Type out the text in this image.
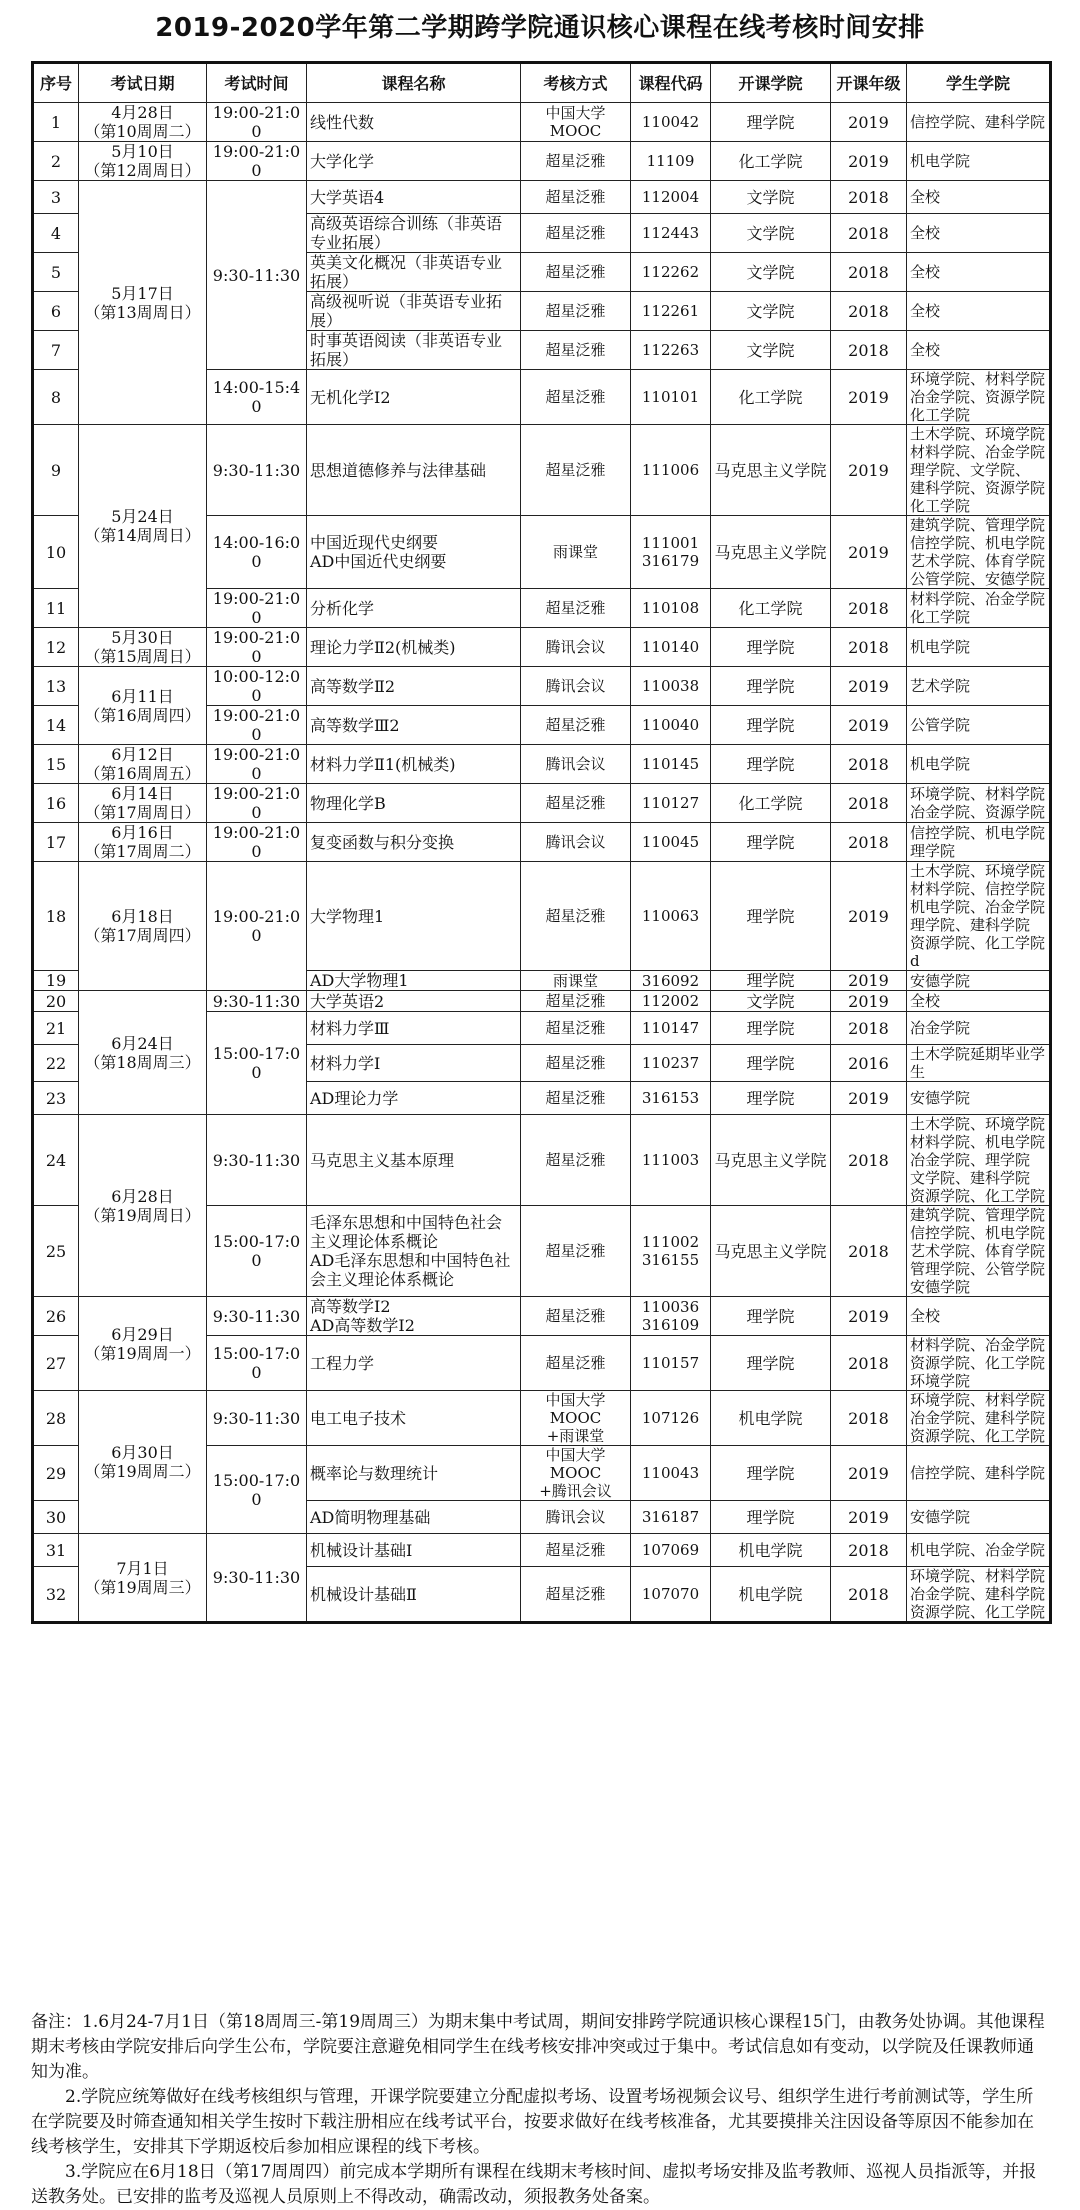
2019-2020学年第二学期跨学院通识核心课程在线考核时间安排
序号	考试日期	考试时间	课程名称	考核方式	课程代码	开课学院	开课年级	学生学院
1	4月28日
（第10周周二）	19:00-21:00	线性代数	中国大学
MOOC	110042	理学院	2019	信控学院、建科学院
2	5月10日
（第12周周日）	19:00-21:00	大学化学	超星泛雅	11109	化工学院	2019	机电学院
3	5月17日
（第13周周日）	9:30-11:30	大学英语4	超星泛雅	112004	文学院	2018	全校
4			高级英语综合训练（非英语专业拓展）	超星泛雅	112443	文学院	2018	全校
5			英美文化概况（非英语专业拓展）	超星泛雅	112262	文学院	2018	全校
6			高级视听说（非英语专业拓展）	超星泛雅	112261	文学院	2018	全校
7			时事英语阅读（非英语专业拓展）	超星泛雅	112263	文学院	2018	全校
8		14:00-15:40	无机化学Ⅰ2	超星泛雅	110101	化工学院	2019	环境学院、材料学院
冶金学院、资源学院
化工学院
9	5月24日
（第14周周日）	9:30-11:30	思想道德修养与法律基础	超星泛雅	111006	马克思主义学院	2019	土木学院、环境学院
材料学院、冶金学院
理学院、文学院、
建科学院、资源学院
化工学院
10		14:00-16:00	中国近现代史纲要
AD中国近代史纲要	雨课堂	111001
316179	马克思主义学院	2019	建筑学院、管理学院
信控学院、机电学院
艺术学院、体育学院
公管学院、安德学院
11		19:00-21:00	分析化学	超星泛雅	110108	化工学院	2018	材料学院、冶金学院
化工学院
12	5月30日
（第15周周日）	19:00-21:00	理论力学Ⅱ2(机械类)	腾讯会议	110140	理学院	2018	机电学院
13	6月11日
（第16周周四）	10:00-12:00	高等数学Ⅱ2	腾讯会议	110038	理学院	2019	艺术学院
14		19:00-21:00	高等数学Ⅲ2	超星泛雅	110040	理学院	2019	公管学院
15	6月12日
（第16周周五）	19:00-21:00	材料力学Ⅱ1(机械类)	腾讯会议	110145	理学院	2018	机电学院
16	6月14日
（第17周周日）	19:00-21:00	物理化学B	超星泛雅	110127	化工学院	2018	环境学院、材料学院
冶金学院、资源学院
17	6月16日
（第17周周二）	19:00-21:00	复变函数与积分变换	腾讯会议	110045	理学院	2018	信控学院、机电学院
理学院
18	6月18日
（第17周周四）	19:00-21:00	大学物理1	超星泛雅	110063	理学院	2019	土木学院、环境学院
材料学院、信控学院
机电学院、冶金学院
理学院、建科学院
资源学院、化工学院d
19			AD大学物理1	雨课堂	316092	理学院	2019	安德学院
20	6月24日
（第18周周三）	9:30-11:30	大学英语2	超星泛雅	112002	文学院	2019	全校
21		15:00-17:00	材料力学Ⅲ	超星泛雅	110147	理学院	2018	冶金学院
22			材料力学Ⅰ	超星泛雅	110237	理学院	2016	土木学院延期毕业学生
23			AD理论力学	超星泛雅	316153	理学院	2019	安德学院
24	6月28日
（第19周周日）	9:30-11:30	马克思主义基本原理	超星泛雅	111003	马克思主义学院	2018	土木学院、环境学院
材料学院、机电学院
冶金学院、理学院
文学院、建科学院
资源学院、化工学院
25		15:00-17:00	毛泽东思想和中国特色社会主义理论体系概论
AD毛泽东思想和中国特色社会主义理论体系概论	超星泛雅	111002
316155	马克思主义学院	2018	建筑学院、管理学院
信控学院、机电学院
艺术学院、体育学院
管理学院、公管学院
安德学院
26	6月29日
（第19周周一）	9:30-11:30	高等数学Ⅰ2
AD高等数学Ⅰ2	超星泛雅	110036
316109	理学院	2019	全校
27		15:00-17:00	工程力学	超星泛雅	110157	理学院	2018	材料学院、冶金学院
资源学院、化工学院
环境学院
28	6月30日
（第19周周二）	9:30-11:30	电工电子技术	中国大学
MOOC
+雨课堂	107126	机电学院	2018	环境学院、材料学院
冶金学院、建科学院
资源学院、化工学院
29		15:00-17:00	概率论与数理统计	中国大学
MOOC
+腾讯会议	110043	理学院	2019	信控学院、建科学院
30			AD简明物理基础	腾讯会议	316187	理学院	2019	安德学院
31	7月1日
（第19周周三）	9:30-11:30	机械设计基础Ⅰ	超星泛雅	107069	机电学院	2018	机电学院、冶金学院
32			机械设计基础Ⅱ	超星泛雅	107070	机电学院	2018	环境学院、材料学院
冶金学院、建科学院
资源学院、化工学院

备注：1.6月24-7月1日（第18周周三-第19周周三）为期末集中考试周，期间安排跨学院通识核心课程15门，由教务处协调。其他课程期末考核由学院安排后向学生公布，学院要注意避免相同学生在线考核安排冲突或过于集中。考试信息如有变动，以学院及任课教师通知为准。

2.学院应统筹做好在线考核组织与管理，开课学院要建立分配虚拟考场、设置考场视频会议号、组织学生进行考前测试等，学生所在学院要及时筛查通知相关学生按时下载注册相应在线考试平台，按要求做好在线考核准备，尤其要摸排关注因设备等原因不能参加在线考核学生，安排其下学期返校后参加相应课程的线下考核。

3.学院应在6月18日（第17周周四）前完成本学期所有课程在线期末考核时间、虚拟考场安排及监考教师、巡视人员指派等，并报送教务处。已安排的监考及巡视人员原则上不得改动，确需改动，须报教务处备案。
